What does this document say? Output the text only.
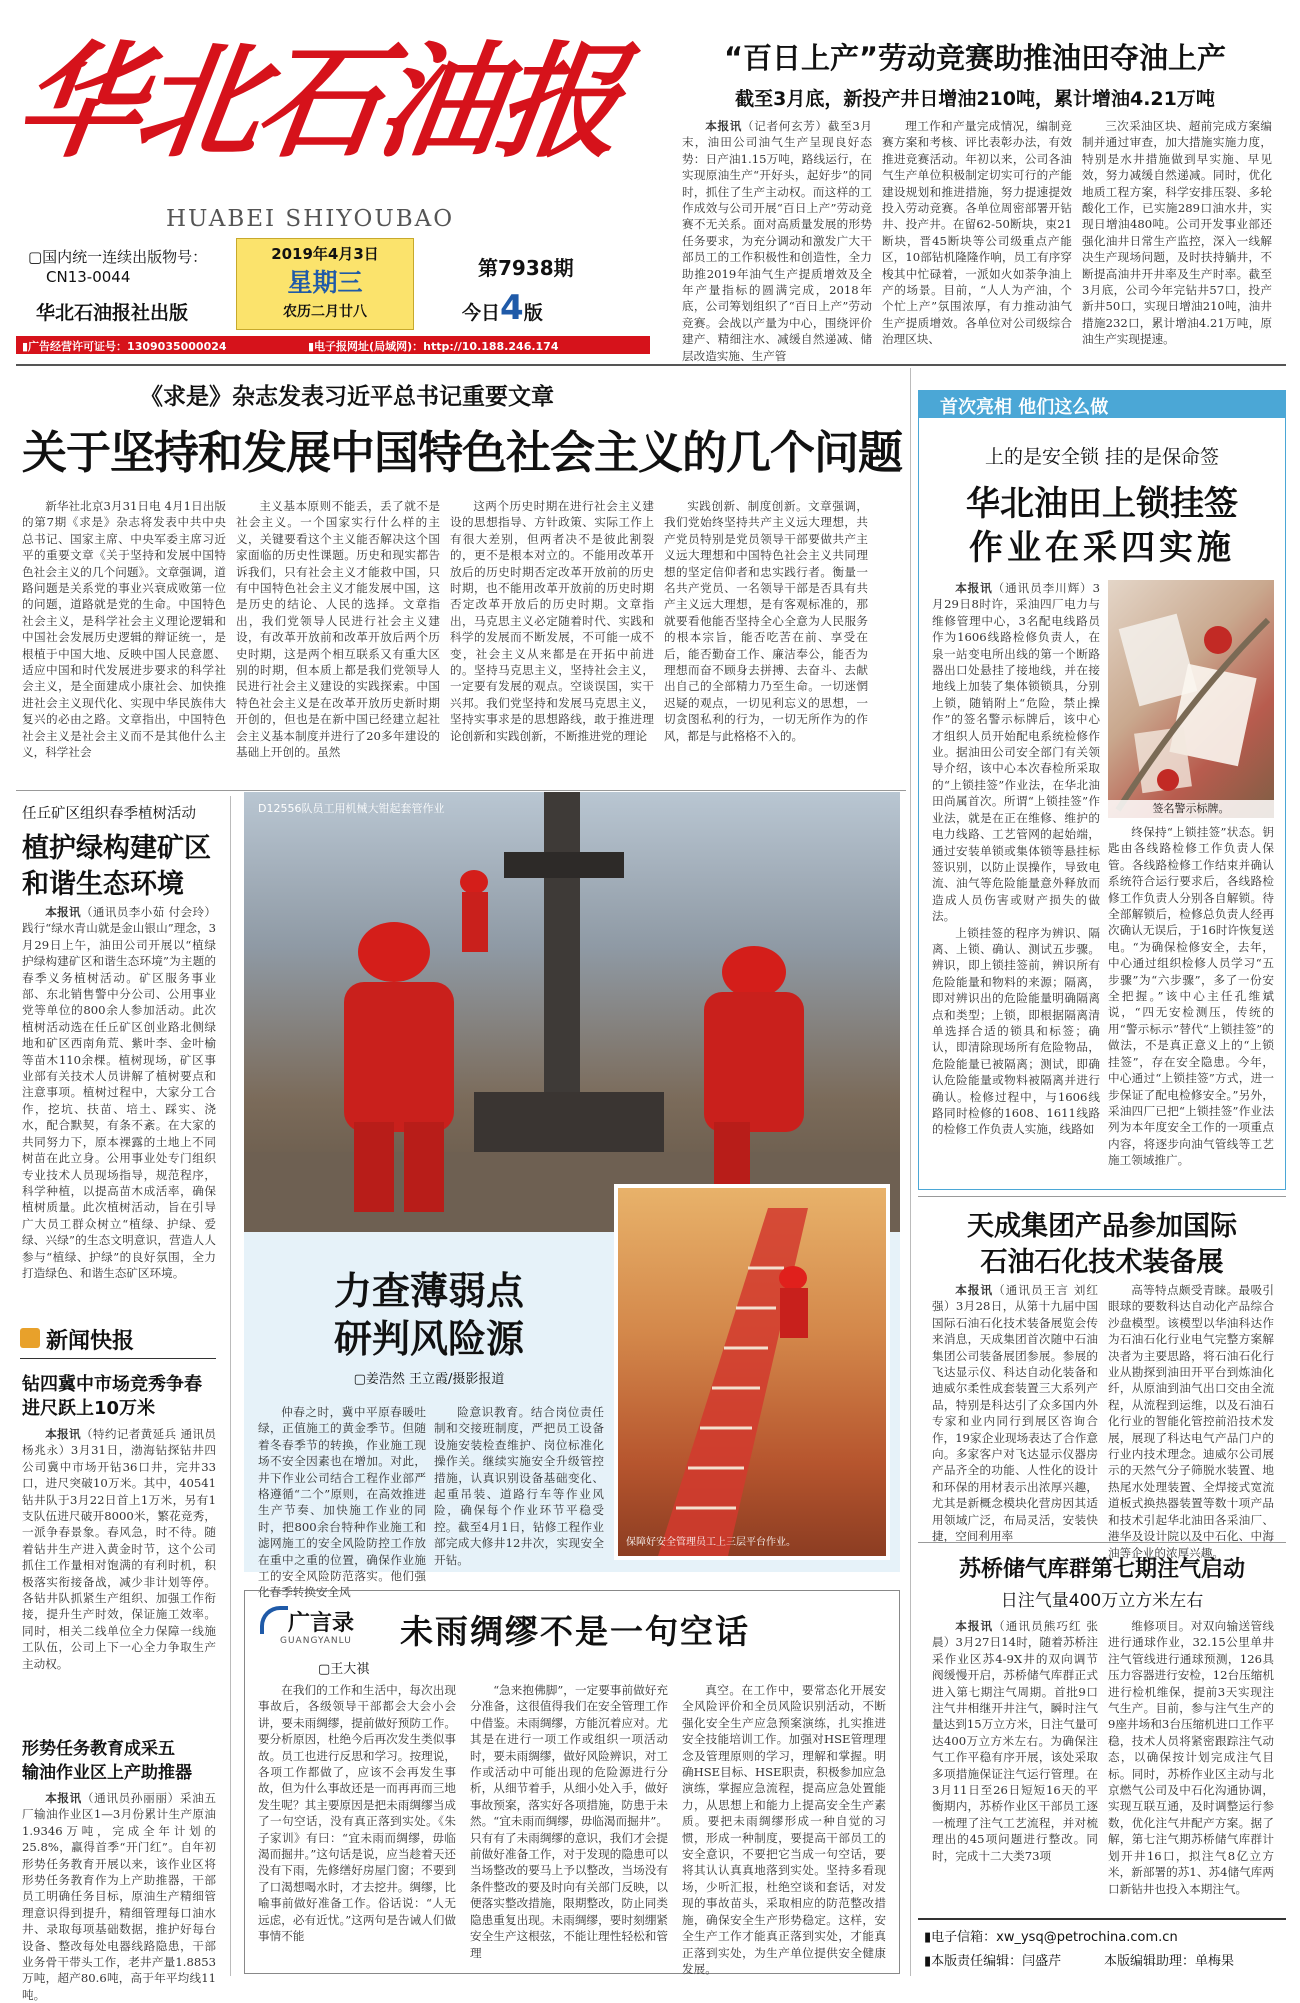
华北石油报
HUABEI SHIYOUBAO
▢国内统一连续出版物号：
CN13-0044
华北石油报社出版
2019年4月3日
星期三
农历二月廿八
第7938期
今日4版
▮广告经营许可证号：1309035000024	▮电子报网址(局域网)：http://10.188.246.174
“百日上产”劳动竞赛助推油田夺油上产
截至3月底，新投产井日增油210吨，累计增油4.21万吨

本报讯（记者何玄芳）截至3月末，油田公司油气生产呈现良好态势：日产油1.15万吨，路线运行，在实现原油生产“开好头，起好步”的同时，抓住了生产主动权。而这样的工作成效与公司开展“百日上产”劳动竞赛不无关系。面对高质量发展的形势任务要求，为充分调动和激发广大干部员工的工作积极性和创造性，全力助推2019年油气生产提质增效及全年产量指标的圆满完成，2018年底，公司筹划组织了“百日上产”劳动竞赛。会战以产量为中心，围绕评价建产、精细注水、减缓自然递减、储层改造实施、生产管

理工作和产量完成情况，编制竞赛方案和考核、评比表彰办法，有效推进竞赛活动。年初以来，公司各油气生产单位积极制定切实可行的产能建设规划和推进措施，努力提速提效投入劳动竞赛。各单位周密部署开钻井、投产井。在留62-50断块，束21断块，晋45断块等公司级重点产能区，10部钻机隆隆作响，员工有序穿梭其中忙碌着，一派如火如荼争油上产的场景。目前，“人人为产油，个个忙上产”氛围浓厚，有力推动油气生产提质增效。各单位对公司级综合治理区块、

三次采油区块、超前完成方案编制并通过审查，加大措施实施力度，特别是水井措施做到早实施、早见效，努力减缓自然递减。同时，优化地质工程方案，科学安排压裂、多轮酸化工作，已实施289口油水井，实现日增油480吨。公司开发事业部还强化油井日常生产监控，深入一线解决生产现场问题，及时扶持躺井，不断提高油井开井率及生产时率。截至3月底，公司今年完钻井57口，投产新井50口，实现日增油210吨，油井措施232口，累计增油4.21万吨，原油生产实现提速。

《求是》杂志发表习近平总书记重要文章
关于坚持和发展中国特色社会主义的几个问题

新华社北京3月31日电 4月1日出版的第7期《求是》杂志将发表中共中央总书记、国家主席、中央军委主席习近平的重要文章《关于坚持和发展中国特色社会主义的几个问题》。文章强调，道路问题是关系党的事业兴衰成败第一位的问题，道路就是党的生命。中国特色社会主义，是科学社会主义理论逻辑和中国社会发展历史逻辑的辩证统一，是根植于中国大地、反映中国人民意愿、适应中国和时代发展进步要求的科学社会主义，是全面建成小康社会、加快推进社会主义现代化、实现中华民族伟大复兴的必由之路。文章指出，中国特色社会主义是社会主义而不是其他什么主义，科学社会

主义基本原则不能丢，丢了就不是社会主义。一个国家实行什么样的主义，关键要看这个主义能否解决这个国家面临的历史性课题。历史和现实都告诉我们，只有社会主义才能救中国，只有中国特色社会主义才能发展中国，这是历史的结论、人民的选择。文章指出，我们党领导人民进行社会主义建设，有改革开放前和改革开放后两个历史时期，这是两个相互联系又有重大区别的时期，但本质上都是我们党领导人民进行社会主义建设的实践探索。中国特色社会主义是在改革开放历史新时期开创的，但也是在新中国已经建立起社会主义基本制度并进行了20多年建设的基础上开创的。虽然

这两个历史时期在进行社会主义建设的思想指导、方针政策、实际工作上有很大差别，但两者决不是彼此割裂的，更不是根本对立的。不能用改革开放后的历史时期否定改革开放前的历史时期，也不能用改革开放前的历史时期否定改革开放后的历史时期。文章指出，马克思主义必定随着时代、实践和科学的发展而不断发展，不可能一成不变，社会主义从来都是在开拓中前进的。坚持马克思主义，坚持社会主义，一定要有发展的观点。空谈误国，实干兴邦。我们党坚持和发展马克思主义，坚持实事求是的思想路线，敢于推进理论创新和实践创新，不断推进党的理论

实践创新、制度创新。文章强调，我们党始终坚持共产主义远大理想，共产党员特别是党员领导干部要做共产主义远大理想和中国特色社会主义共同理想的坚定信仰者和忠实践行者。衡量一名共产党员、一名领导干部是否具有共产主义远大理想，是有客观标准的，那就要看他能否坚持全心全意为人民服务的根本宗旨，能否吃苦在前、享受在后，能否勤奋工作、廉洁奉公，能否为理想而奋不顾身去拼搏、去奋斗、去献出自己的全部精力乃至生命。一切迷惘迟疑的观点，一切见利忘义的思想，一切贪图私利的行为，一切无所作为的作风，都是与此格格不入的。

首次亮相 他们这么做
上的是安全锁 挂的是保命签
华北油田上锁挂签
作业在采四实施

本报讯（通讯员李川辉）3月29日8时许，采油四厂电力与维修管理中心，3名配电线路员作为1606线路检修负责人，在泉一站变电所出线的第一个断路器出口处悬挂了接地线，并在接地线上加装了集体锁锁具，分别上锁，随销附上“危险，禁止操作”的签名警示标牌后，该中心才组织人员开始配电系统检修作业。据油田公司安全部门有关领导介绍，该中心本次春检所采取的“上锁挂签”作业法，在华北油田尚属首次。所谓“上锁挂签”作业法，就是在正在维修、维护的电力线路、工艺管网的起始端，通过安装单锁或集体锁等悬挂标签识别，以防止误操作，导致电流、油气等危险能量意外释放而造成人员伤害或财产损失的做法。

上锁挂签的程序为辨识、隔离、上锁、确认、测试五步骤。辨识，即上锁挂签前，辨识所有危险能量和物料的来源；隔离，即对辨识出的危险能量明确隔离点和类型；上锁，即根据隔离清单选择合适的锁具和标签；确认，即清除现场所有危险物品，危险能量已被隔离；测试，即确认危险能量或物料被隔离并进行确认。检修过程中，与1606线路同时检修的1608、1611线路的检修工作负责人实施，线路如

签名警示标牌。

终保持“上锁挂签”状态。钥匙由各线路检修工作负责人保管。各线路检修工作结束并确认系统符合运行要求后，各线路检修工作负责人分别各自解锁。待全部解锁后，检修总负责人经再次确认无误后，于16时许恢复送电。“为确保检修安全，去年，中心通过组织检修人员学习“五步骤”为“六步骤”，多了一份安全把握。”该中心主任孔维斌说，“四无安检测压，传统的用“警示标示”替代“上锁挂签”的做法，不是真正意义上的“上锁挂签”，存在安全隐患。今年，中心通过“上锁挂签”方式，进一步保证了配电检修安全。”另外，采油四厂已把“上锁挂签”作业法列为本年度安全工作的一项重点内容，将逐步向油气管线等工艺施工领域推广。

任丘矿区组织春季植树活动
植护绿构建矿区
和谐生态环境

本报讯（通讯员李小茹 付会玲）践行“绿水青山就是金山银山”理念，3月29日上午，油田公司开展以“植绿护绿构建矿区和谐生态环境”为主题的春季义务植树活动。矿区服务事业部、东北销售警中分公司、公用事业党等单位的800余人参加活动。此次植树活动选在任丘矿区创业路北侧绿地和矿区西南角荒、紫叶李、金叶榆等苗木110余棵。植树现场，矿区事业部有关技术人员讲解了植树要点和注意事项。植树过程中，大家分工合作，挖坑、扶苗、培土、踩实、浇水，配合默契，有条不紊。在大家的共同努力下，原本裸露的土地上不同树苗在此立身。公用事业处专门组织专业技术人员现场指导，规范程序，科学种植，以提高苗木成活率，确保植树质量。此次植树活动，旨在引导广大员工群众树立“植绿、护绿、爱绿、兴绿”的生态文明意识，营造人人参与“植绿、护绿”的良好氛围，全力打造绿色、和谐生态矿区环境。

新闻快报
钻四冀中市场竞秀争春
进尺跃上10万米

本报讯（特约记者黄延兵 通讯员杨兆永）3月31日，渤海钻探钻井四公司冀中市场开钻36口井，完井33口，进尺突破10万米。其中，40541钻井队于3月22日首上1万米，另有1支队伍进尺破开8000米，繁花竞秀，一派争春景象。春风急，时不待。随着钻井生产进入黄金时节，这个公司抓住工作量相对饱满的有利时机，积极落实衔接备战，减少非计划等停。各钻井队抓紧生产组织、加强工作衔接，提升生产时效，保证施工效率。同时，相关二线单位全力保障一线施工队伍，公司上下一心全力争取生产主动权。

形势任务教育成采五
输油作业区上产助推器

本报讯（通讯员孙丽丽）采油五厂输油作业区1—3月份累计生产原油1.9346万吨，完成全年计划的25.8%，赢得首季“开门红”。自年初形势任务教育开展以来，该作业区将形势任务教育作为上产助推器，干部员工明确任务目标，原油生产精细管理意识得到提升，精细管理每口油水井、录取每项基础数据，推护好每台设备、整改每处电器线路隐患，干部业务骨干带头工作，老井产量1.8853万吨，超产80.6吨，高于年平均线11吨。

D12556队员工用机械大钳起套管作业
保障好安全管理员工上三层平台作业。
力查薄弱点
研判风险源
▢姜浩然 王立霞/摄影报道

仲春之时，冀中平原春暖吐绿，正值施工的黄金季节。但随着冬春季节的转换，作业施工现场不安全因素也在增加。对此，井下作业公司结合工程作业部严格遵循“二个”原则，在高效推进生产节奏、加快施工作业的同时，把800余台特种作业施工和滤网施工的安全风险防控工作放在重中之重的位置，确保作业施工的安全风险防范落实。他们强化春季转换安全风

险意识教育。结合岗位责任制和交接班制度，严把员工设备设施安装检查维护、岗位标准化操作关。继续实施安全升级管控措施，认真识别设备基础变化、起重吊装、道路行车等作业风险，确保每个作业环节平稳受控。截至4月1日，钻修工程作业部完成大修井12井次，实现安全开钻。

广言录
GUANGYANLU 未雨绸缪不是一句空话
▢王大祺

在我们的工作和生活中，每次出现事故后，各级领导干部都会大会小会讲，要未雨绸缪，提前做好预防工作。要分析原因，杜绝今后再次发生类似事故。员工也进行反思和学习。按理说，各项工作都做了，应该不会再发生事故，但为什么事故还是一而再再而三地发生呢？其主要原因是把未雨绸缪当成了一句空话，没有真正落到实处。《朱子家训》有曰：“宜未雨而绸缪，毋临渴而掘井。”这句话是说，应当趁着天还没有下雨，先修缮好房屋门窗；不要到了口渴想喝水时，才去挖井。绸缪，比喻事前做好准备工作。俗话说：“人无远虑，必有近忧。”这两句是告诫人们做事情不能

“急来抱佛脚”，一定要事前做好充分准备，这很值得我们在安全管理工作中借鉴。未雨绸缪，方能沉着应对。尤其是在进行一项工作或组织一项活动时，要未雨绸缪，做好风险辨识，对工作或活动中可能出现的危险源进行分析，从细节着手，从细小处入手，做好事故预案，落实好各项措施，防患于未然。“宜未雨而绸缪，毋临渴而掘井”。只有有了未雨绸缪的意识，我们才会提前做好准备工作，对于发现的隐患可以当场整改的要马上予以整改，当场没有条件整改的要及时向有关部门反映，以便落实整改措施，限期整改，防止同类隐患重复出现。未雨绸缪，要时刻绷紧安全生产这根弦，不能让理性轻松和管理

真空。在工作中，要常态化开展安全风险评价和全员风险识别活动，不断强化安全生产应急预案演练，扎实推进安全技能培训工作。加强对HSE管理理念及管理原则的学习，理解和掌握。明确HSE目标、HSE职责，积极参加应急演练，掌握应急流程，提高应急处置能力，从思想上和能力上提高安全生产素质。要把未雨绸缪形成一种自觉的习惯，形成一种制度，要提高干部员工的安全意识，不要把它当成一句空话，要将其认认真真地落到实处。坚持多看现场，少听汇报，杜绝空谈和套话，对发现的事故苗头，采取相应的防范整改措施，确保安全生产形势稳定。这样，安全生产工作才能真正落到实处，才能真正落到实处，为生产单位提供安全健康发展。

天成集团产品参加国际
石油石化技术装备展

本报讯（通讯员王言 刘红强）3月28日，从第十九届中国国际石油石化技术装备展览会传来消息，天成集团首次随中石油集团公司装备展团参展。参展的飞达显示仪、科达自动化装备和迪威尔柔性成套装置三大系列产品，特别是科达引了众多国内外专家和业内同行到展区咨询合作，19家企业现场表达了合作意向。多家客户对飞达显示仪器房产品齐全的功能、人性化的设计和环保的用材表示出浓厚兴趣，尤其是新概念模块化营房因其适用领域广泛，布局灵活，安装快捷，空间利用率

高等特点颇受青睐。最吸引眼球的要数科达自动化产品综合沙盘模型。该模型以华油科达作为石油石化行业电气完整方案解决者为主要思路，将石油石化行业从勘探到油田开平台到炼油化纤，从原油到油气出口交由全流程，从流程到运维，以及石油石化行业的智能化管控前沿技术发展，展现了科达电气产品门户的行业内技术理念。迪威尔公司展示的天然气分子筛脱水装置、地热尾水处理装置、全焊接式宽流道板式换热器装置等数十项产品和技术引起华北油田各采油厂、港华及设计院以及中石化、中海油等企业的浓厚兴趣。

苏桥储气库群第七期注气启动
日注气量400万立方米左右

本报讯（通讯员熊巧红 张晨）3月27日14时，随着苏桥注采作业区苏4-9X井的双向调节阀缓慢开启，苏桥储气库群正式进入第七期注气周期。首批9口注气井相继开井注气，瞬时注气量达到15万立方米，日注气量可达400万立方米左右。为确保注气工作平稳有序开展，该处采取多项措施保证注气运行管理。在3月11日至26日短短16天的平衡期内，苏桥作业区干部员工逐一梳理了注气工艺流程，并对梳理出的45项问题进行整改。同时，完成十二大类73项

维修项目。对双向输送管线进行通球作业，32.15公里单井注气管线进行通球预测，126具压力容器进行安检，12台压缩机进行检机维保，提前3天实现注气生产。目前，参与注气生产的9座井场和3台压缩机进口工作平稳，技术人员将紧密跟踪注气动态，以确保按计划完成注气目标。同时，苏桥作业区主动与北京燃气公司及中石化沟通协调，实现互联互通，及时调整运行参数，优化注气井配产方案。据了解，第七注气期苏桥储气库群计划开井16口，拟注气8亿立方米，新部署的苏1、苏4储气库两口新钻井也投入本期注气。

▮电子信箱：xw_ysq@petrochina.com.cn
▮本版责任编辑：闫盛芹	本版编辑助理：单梅果
